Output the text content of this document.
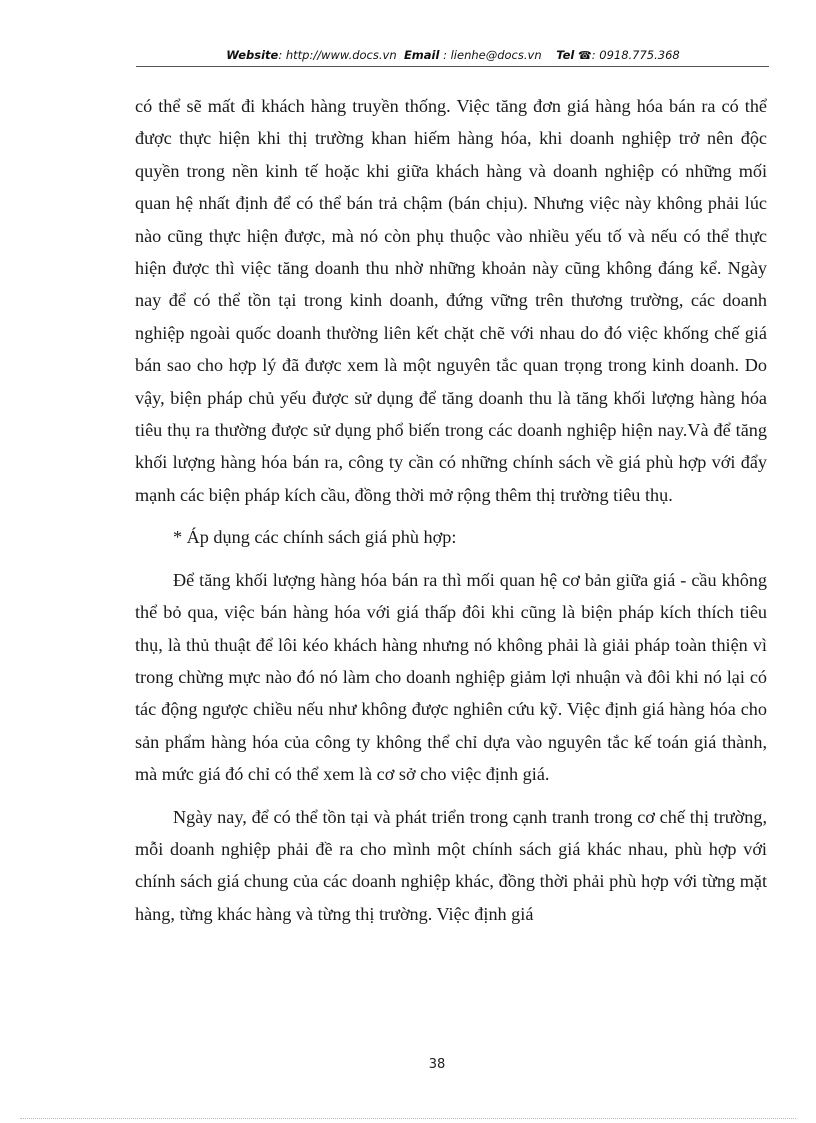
Website: http://www.docs.vn Email : lienhe@docs.vn Tel ☎: 0918.775.368

có thể sẽ mất đi khách hàng truyền thống. Việc tăng đơn giá hàng hóa bán ra có thể được thực hiện khi thị trường khan hiếm hàng hóa, khi doanh nghiệp trở nên độc quyền trong nền kinh tế hoặc khi giữa khách hàng và doanh nghiệp có những mối quan hệ nhất định để có thể bán trả chậm (bán chịu). Nhưng việc này không phải lúc nào cũng thực hiện được, mà nó còn phụ thuộc vào nhiều yếu tố và nếu có thể thực hiện được thì việc tăng doanh thu nhờ những khoản này cũng không đáng kể. Ngày nay để có thể tồn tại trong kinh doanh, đứng vững trên thương trường, các doanh nghiệp ngoài quốc doanh thường liên kết chặt chẽ với nhau do đó việc khống chế giá bán sao cho hợp lý đã được xem là một nguyên tắc quan trọng trong kinh doanh. Do vậy, biện pháp chủ yếu được sử dụng để tăng doanh thu là tăng khối lượng hàng hóa tiêu thụ ra thường được sử dụng phổ biến trong các doanh nghiệp hiện nay.Và để tăng khối lượng hàng hóa bán ra, công ty cần có những chính sách về giá phù hợp với đẩy mạnh các biện pháp kích cầu, đồng thời mở rộng thêm thị trường tiêu thụ.

* Áp dụng các chính sách giá phù hợp:

Để tăng khối lượng hàng hóa bán ra thì mối quan hệ cơ bản giữa giá - cầu không thể bỏ qua, việc bán hàng hóa với giá thấp đôi khi cũng là biện pháp kích thích tiêu thụ, là thủ thuật để lôi kéo khách hàng nhưng nó không phải là giải pháp toàn thiện vì trong chừng mực nào đó nó làm cho doanh nghiệp giảm lợi nhuận và đôi khi nó lại có tác động ngược chiều nếu như không được nghiên cứu kỹ. Việc định giá hàng hóa cho sản phẩm hàng hóa của công ty không thể chỉ dựa vào nguyên tắc kế toán giá thành, mà mức giá đó chỉ có thể xem là cơ sở cho việc định giá.

Ngày nay, để có thể tồn tại và phát triển trong cạnh tranh trong cơ chế thị trường, mỗi doanh nghiệp phải đề ra cho mình một chính sách giá khác nhau, phù hợp với chính sách giá chung của các doanh nghiệp khác, đồng thời phải phù hợp với từng mặt hàng, từng khác hàng và từng thị trường. Việc định giá

38
